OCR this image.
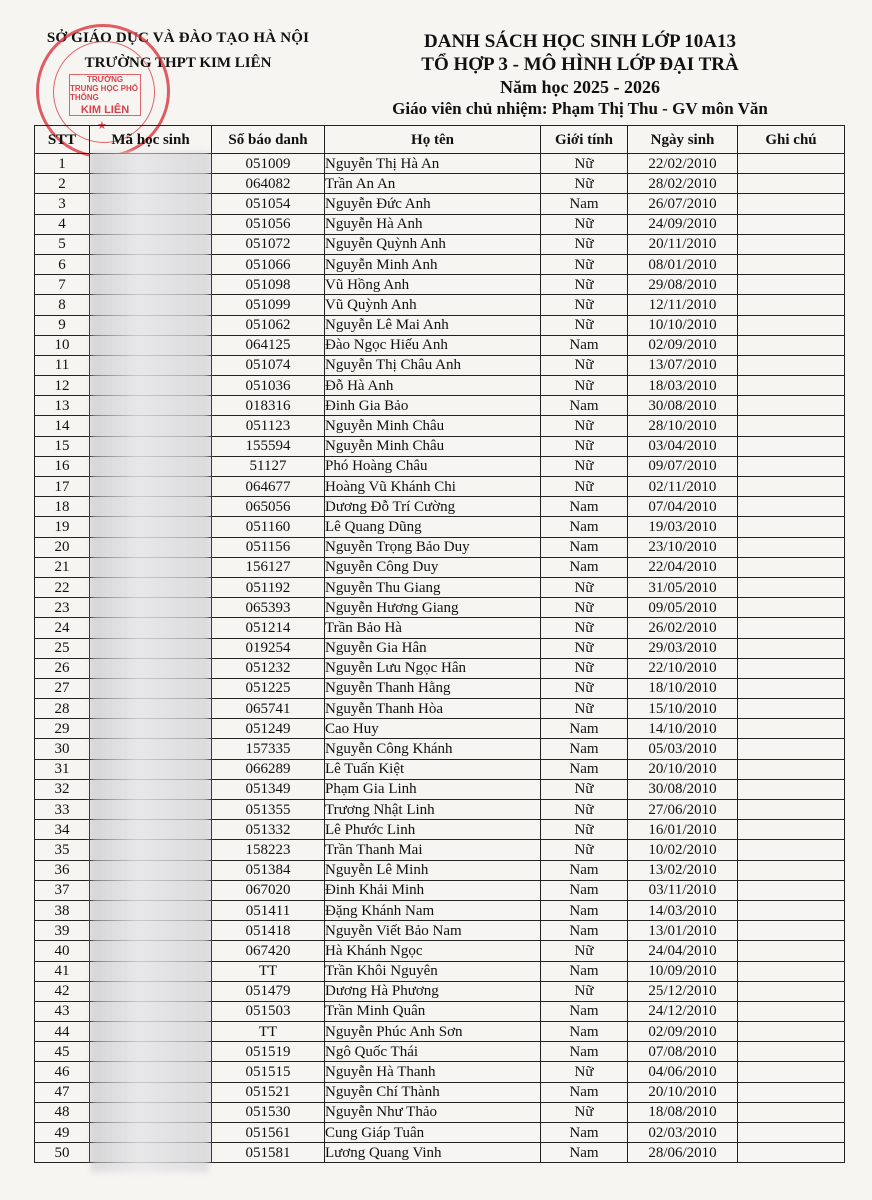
SỞ GIÁO DỤC VÀ ĐÀO TẠO HÀ NỘI
TRƯỜNG THPT KIM LIÊN
TRƯỜNG
TRUNG HỌC PHỔ THÔNG
KIM LIÊN
★
DANH SÁCH HỌC SINH LỚP 10A13
TỔ HỢP 3 - MÔ HÌNH LỚP ĐẠI TRÀ
Năm học 2025 - 2026
Giáo viên chủ nhiệm: Phạm Thị Thu - GV môn Văn
STT	Mã học sinh	Số báo danh	Họ tên	Giới tính	Ngày sinh	Ghi chú
1		051009	Nguyễn Thị Hà An	Nữ	22/02/2010	
2		064082	Trần An An	Nữ	28/02/2010	
3		051054	Nguyễn Đức Anh	Nam	26/07/2010	
4		051056	Nguyễn Hà Anh	Nữ	24/09/2010	
5		051072	Nguyễn Quỳnh Anh	Nữ	20/11/2010	
6		051066	Nguyễn Minh Anh	Nữ	08/01/2010	
7		051098	Vũ Hồng Anh	Nữ	29/08/2010	
8		051099	Vũ Quỳnh Anh	Nữ	12/11/2010	
9		051062	Nguyễn Lê Mai Anh	Nữ	10/10/2010	
10		064125	Đào Ngọc Hiếu Anh	Nam	02/09/2010	
11		051074	Nguyễn Thị Châu Anh	Nữ	13/07/2010	
12		051036	Đỗ Hà Anh	Nữ	18/03/2010	
13		018316	Đinh Gia Bảo	Nam	30/08/2010	
14		051123	Nguyễn Minh Châu	Nữ	28/10/2010	
15		155594	Nguyễn Minh Châu	Nữ	03/04/2010	
16		51127	Phó Hoàng Châu	Nữ	09/07/2010	
17		064677	Hoàng Vũ Khánh Chi	Nữ	02/11/2010	
18		065056	Dương Đỗ Trí Cường	Nam	07/04/2010	
19		051160	Lê Quang Dũng	Nam	19/03/2010	
20		051156	Nguyễn Trọng Bảo Duy	Nam	23/10/2010	
21		156127	Nguyễn Công Duy	Nam	22/04/2010	
22		051192	Nguyễn Thu Giang	Nữ	31/05/2010	
23		065393	Nguyễn Hương Giang	Nữ	09/05/2010	
24		051214	Trần Bảo Hà	Nữ	26/02/2010	
25		019254	Nguyễn Gia Hân	Nữ	29/03/2010	
26		051232	Nguyễn Lưu Ngọc Hân	Nữ	22/10/2010	
27		051225	Nguyễn Thanh Hằng	Nữ	18/10/2010	
28		065741	Nguyễn Thanh Hòa	Nữ	15/10/2010	
29		051249	Cao Huy	Nam	14/10/2010	
30		157335	Nguyễn Công Khánh	Nam	05/03/2010	
31		066289	Lê Tuấn Kiệt	Nam	20/10/2010	
32		051349	Phạm Gia Linh	Nữ	30/08/2010	
33		051355	Trương Nhật Linh	Nữ	27/06/2010	
34		051332	Lê Phước Linh	Nữ	16/01/2010	
35		158223	Trần Thanh Mai	Nữ	10/02/2010	
36		051384	Nguyễn Lê Minh	Nam	13/02/2010	
37		067020	Đinh Khải Minh	Nam	03/11/2010	
38		051411	Đặng Khánh Nam	Nam	14/03/2010	
39		051418	Nguyễn Viết Bảo Nam	Nam	13/01/2010	
40		067420	Hà Khánh Ngọc	Nữ	24/04/2010	
41		TT	Trần Khôi Nguyên	Nam	10/09/2010	
42		051479	Dương Hà Phương	Nữ	25/12/2010	
43		051503	Trần Minh Quân	Nam	24/12/2010	
44		TT	Nguyễn Phúc Anh Sơn	Nam	02/09/2010	
45		051519	Ngô Quốc Thái	Nam	07/08/2010	
46		051515	Nguyễn Hà Thanh	Nữ	04/06/2010	
47		051521	Nguyễn Chí Thành	Nam	20/10/2010	
48		051530	Nguyễn Như Thảo	Nữ	18/08/2010	
49		051561	Cung Giáp Tuân	Nam	02/03/2010	
50		051581	Lương Quang Vinh	Nam	28/06/2010	
